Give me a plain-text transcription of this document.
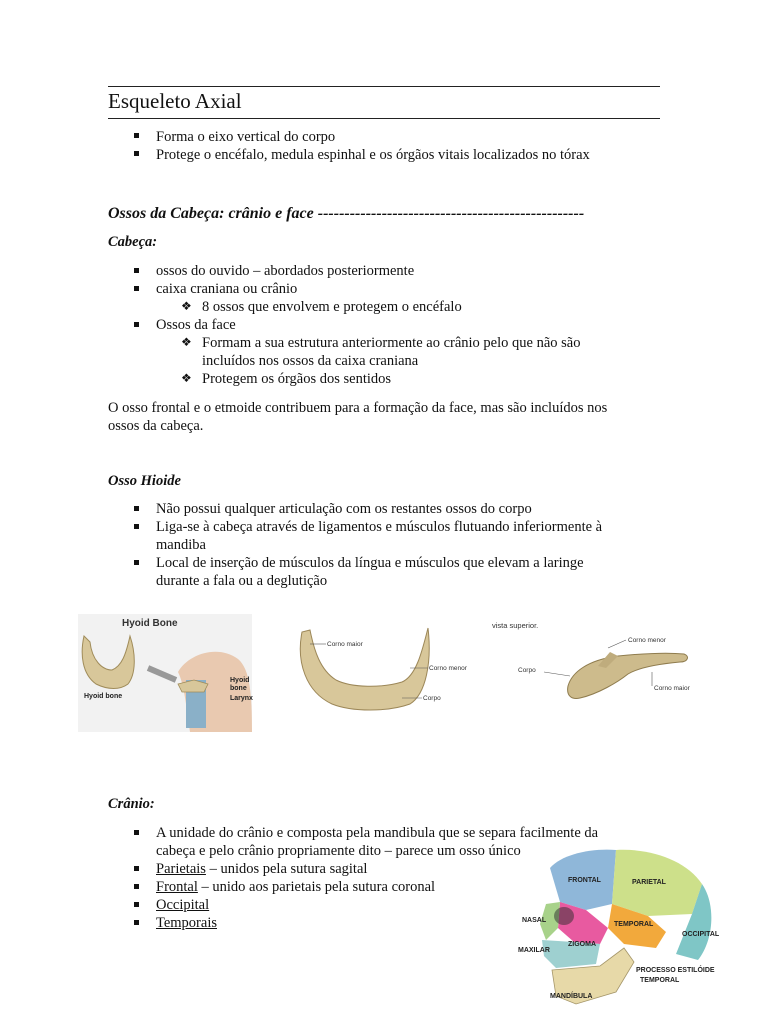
Esqueleto Axial
Forma o eixo vertical do corpo
Protege o encéfalo, medula espinhal e os órgãos vitais localizados no tórax
Ossos da Cabeça: crânio e face --------------------------------------------------
Cabeça:
ossos do ouvido – abordados posteriormente
caixa craniana ou crânio
❖ 8 ossos que envolvem e protegem o encéfalo
Ossos da face
❖ Formam a sua estrutura anteriormente ao crânio pelo que não são
incluídos nos ossos da caixa craniana
❖ Protegem os órgãos dos sentidos
O osso frontal e o etmoide contribuem para a formação da face, mas são incluídos nos
ossos da cabeça.
Osso Hioide
Não possui qualquer articulação com os restantes ossos do corpo
Liga-se à cabeça através de ligamentos e músculos flutuando inferiormente à
mandiba
Local de inserção de músculos da língua e músculos que elevam a laringe
durante a fala ou a deglutição
Hyoid Bone
Hyoid bone
Hyoid
bone
Larynx
Corno maior
Corno menor
Corpo
vista superior.
Corno menor
Corpo
Corno maior
Crânio:
A unidade do crânio e composta pela mandibula que se separa facilmente da
cabeça e pelo crânio propriamente dito – parece um osso único
Parietais – unidos pela sutura sagital
Frontal – unido aos parietais pela sutura coronal
Occipital
Temporais
FRONTAL	PARIETAL
NASAL
TEMPORAL
OCCIPITAL
MAXILAR
ZIGOMA
PROCESSO ESTILÓIDE
TEMPORAL
MANDÍBULA
